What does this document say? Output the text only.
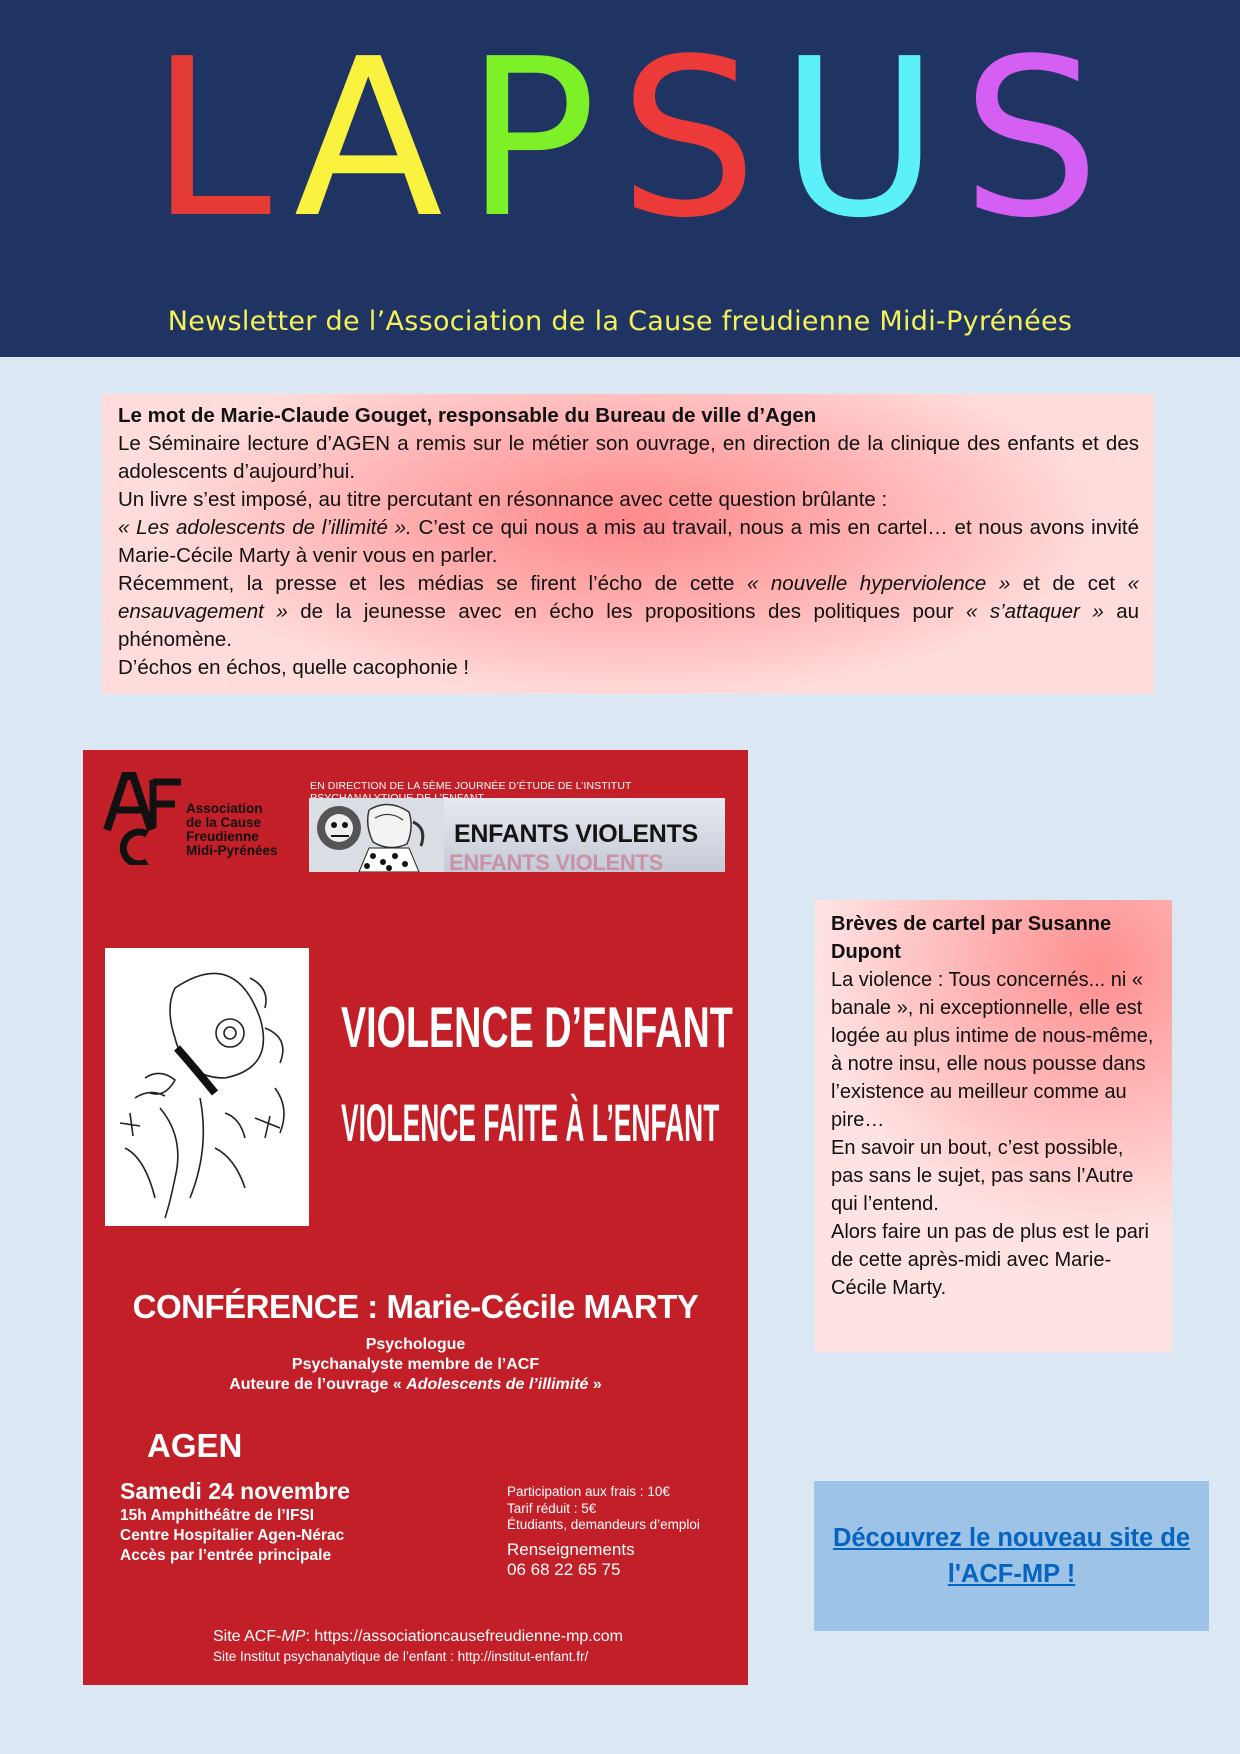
L A P S U S
Newsletter de l’Association de la Cause freudienne Midi-Pyrénées

Le mot de Marie-Claude Gouget, responsable du Bureau de ville d’Agen

Le Séminaire lecture d’AGEN a remis sur le métier son ouvrage, en direction de la clinique des enfants et des adolescents d’aujourd’hui.

Un livre s’est imposé, au titre percutant en résonnance avec cette question brûlante :

« Les adolescents de l’illimité ». C’est ce qui nous a mis au travail, nous a mis en cartel… et nous avons invité Marie-Cécile Marty à venir vous en parler.

Récemment, la presse et les médias se firent l’écho de cette « nouvelle hyperviolence » et de cet « ensauvagement » de la jeunesse avec en écho les propositions des politiques pour « s’attaquer » au phénomène.

D’échos en échos, quelle cacophonie !

Association
de la Cause
Freudienne
Midi-Pyrénées
EN DIRECTION DE LA 5ÈME JOURNÉE D’ÉTUDE DE L’INSTITUT
ENFANTS VIOLENTS
ENFANTS VIOLENTS
VIOLENCE D’ENFANT
VIOLENCE FAITE À L’ENFANT
CONFÉRENCE : Marie-Cécile MARTY
Psychologue
Psychanalyste membre de l’ACF
Auteure de l’ouvrage « Adolescents de l’illimité »
AGEN
Samedi 24 novembre
15h Amphithéâtre de l’IFSI
Centre Hospitalier Agen-Nérac
Accès par l’entrée principale
Participation aux frais : 10€
Tarif réduit : 5€
Étudiants, demandeurs d’emploi
Renseignements
06 68 22 65 75
Site ACF-MP: https://associationcausefreudienne-mp.com
Site Institut psychanalytique de l’enfant : http://institut-enfant.fr/

Brèves de cartel par Susanne Dupont

La violence : Tous concernés... ni « banale », ni exceptionnelle, elle est logée au plus intime de nous-même,

à notre insu, elle nous pousse dans l’existence au meilleur comme au pire…

En savoir un bout, c’est possible, pas sans le sujet, pas sans l’Autre qui l’entend.

Alors faire un pas de plus est le pari de cette après-midi avec Marie-Cécile Marty.

Découvrez le nouveau site de l'ACF-MP !
